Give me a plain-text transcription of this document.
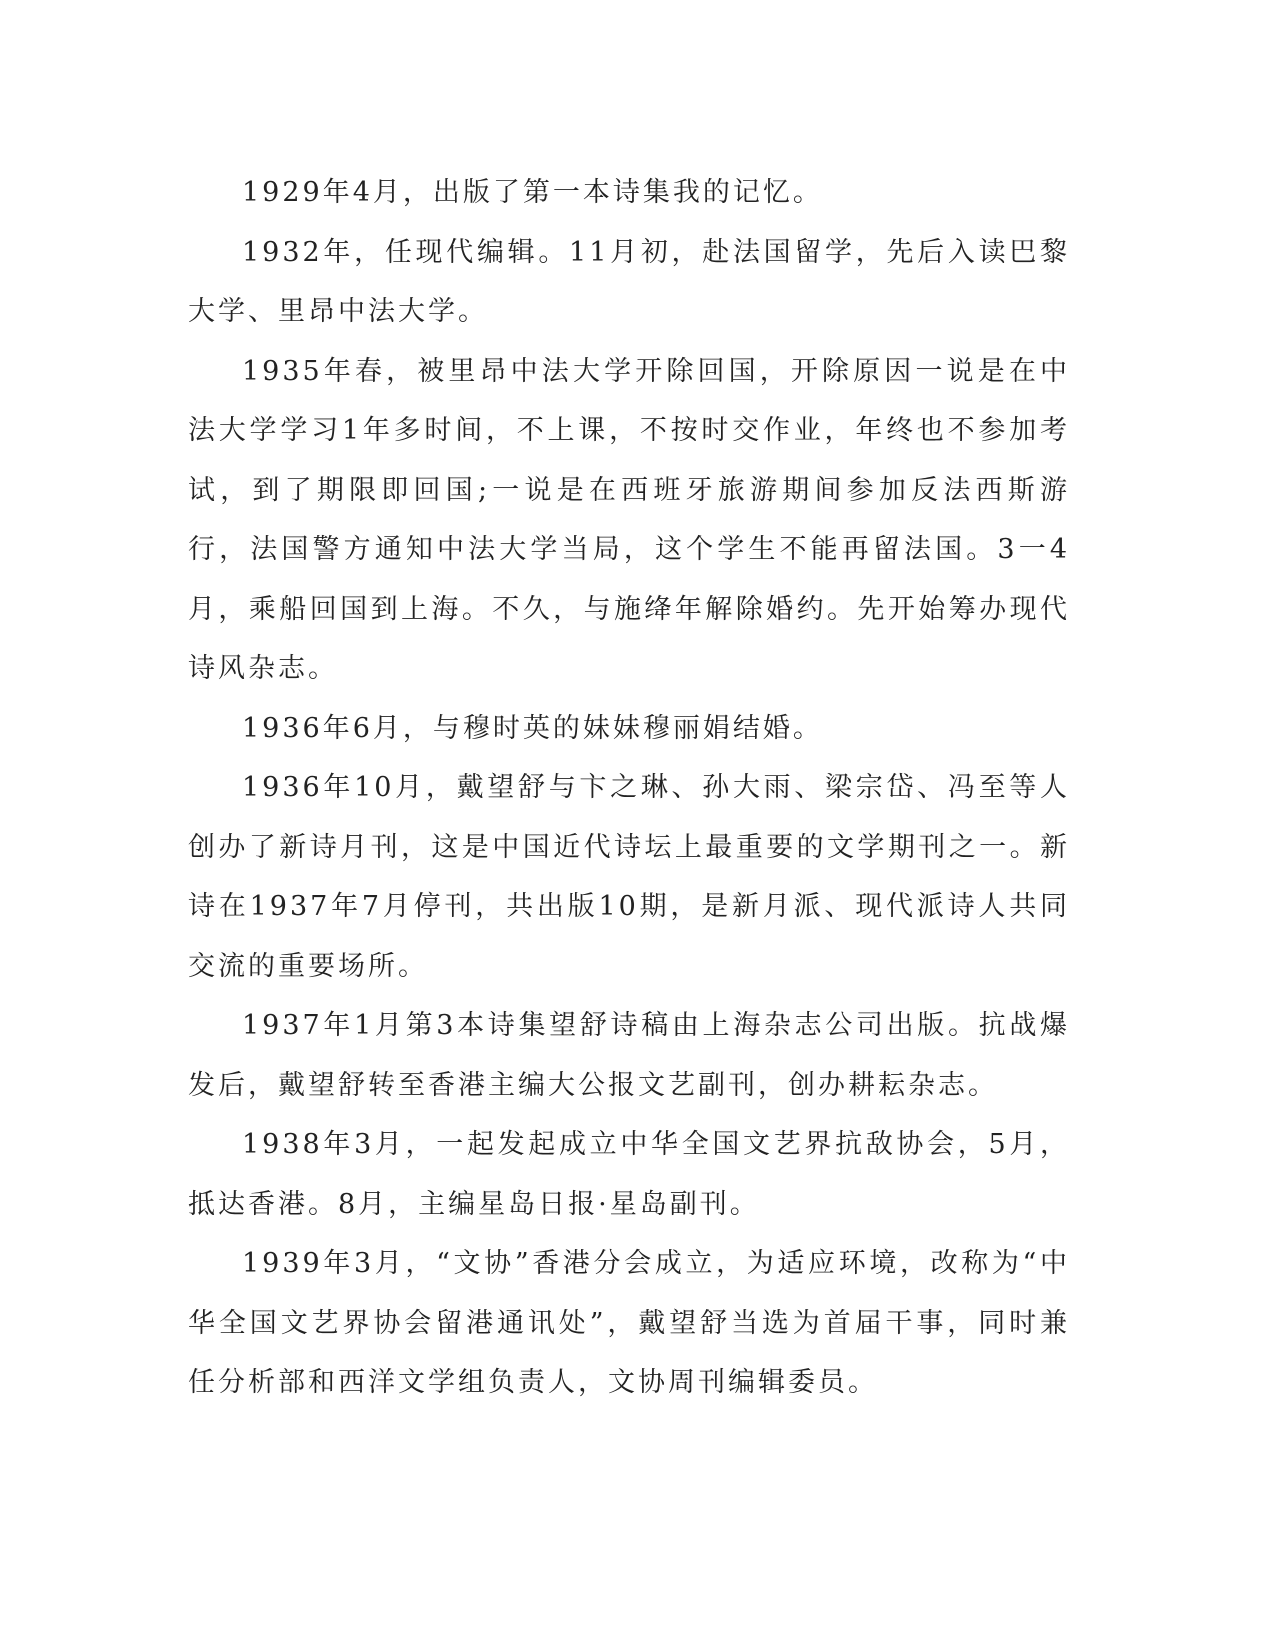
1929年4月，出版了第一本诗集我的记忆。

1932年，任现代编辑。11月初，赴法国留学，先后入读巴黎大学、里昂中法大学。

1935年春，被里昂中法大学开除回国，开除原因一说是在中法大学学习1年多时间，不上课，不按时交作业，年终也不参加考试，到了期限即回国;一说是在西班牙旅游期间参加反法西斯游行，法国警方通知中法大学当局，这个学生不能再留法国。3一4月，乘船回国到上海。不久，与施绛年解除婚约。先开始筹办现代诗风杂志。

1936年6月，与穆时英的妹妹穆丽娟结婚。

1936年10月，戴望舒与卞之琳、孙大雨、梁宗岱、冯至等人创办了新诗月刊，这是中国近代诗坛上最重要的文学期刊之一。新诗在1937年7月停刊，共出版10期，是新月派、现代派诗人共同交流的重要场所。

1937年1月第3本诗集望舒诗稿由上海杂志公司出版。抗战爆发后，戴望舒转至香港主编大公报文艺副刊，创办耕耘杂志。

1938年3月，一起发起成立中华全国文艺界抗敌协会，5月，抵达香港。8月，主编星岛日报·星岛副刊。

1939年3月，“文协”香港分会成立，为适应环境，改称为“中华全国文艺界协会留港通讯处”，戴望舒当选为首届干事，同时兼任分析部和西洋文学组负责人，文协周刊编辑委员。
